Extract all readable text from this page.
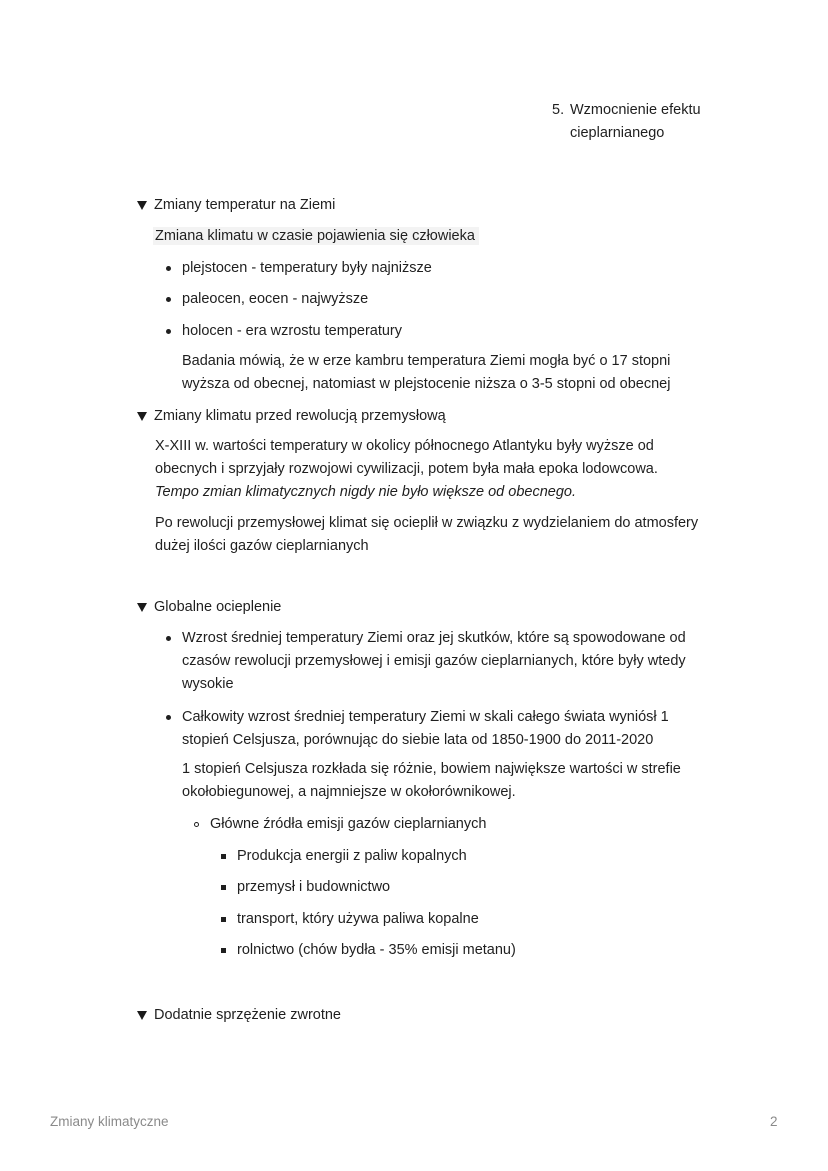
5. Wzmocnienie efektu
cieplarnianego
Zmiany temperatur na Ziemi
Zmiana klimatu w czasie pojawienia się człowieka
plejstocen - temperatury były najniższe
paleocen, eocen - najwyższe
holocen - era wzrostu temperatury
Badania mówią, że w erze kambru temperatura Ziemi mogła być o 17 stopni
wyższa od obecnej, natomiast w plejstocenie niższa o 3-5 stopni od obecnej
Zmiany klimatu przed rewolucją przemysłową
X-XIII w. wartości temperatury w okolicy północnego Atlantyku były wyższe od
obecnych i sprzyjały rozwojowi cywilizacji, potem była mała epoka lodowcowa.
Tempo zmian klimatycznych nigdy nie było większe od obecnego.
Po rewolucji przemysłowej klimat się ocieplił w związku z wydzielaniem do atmosfery
dużej ilości gazów cieplarnianych
Globalne ocieplenie
Wzrost średniej temperatury Ziemi oraz jej skutków, które są spowodowane od
czasów rewolucji przemysłowej i emisji gazów cieplarnianych, które były wtedy
wysokie
Całkowity wzrost średniej temperatury Ziemi w skali całego świata wyniósł 1
stopień Celsjusza, porównując do siebie lata od 1850-1900 do 2011-2020
1 stopień Celsjusza rozkłada się różnie, bowiem największe wartości w strefie
okołobiegunowej, a najmniejsze w okołorównikowej.
Główne źródła emisji gazów cieplarnianych
Produkcja energii z paliw kopalnych
przemysł i budownictwo
transport, który używa paliwa kopalne
rolnictwo (chów bydła - 35% emisji metanu)
Dodatnie sprzężenie zwrotne
Zmiany klimatyczne	2
